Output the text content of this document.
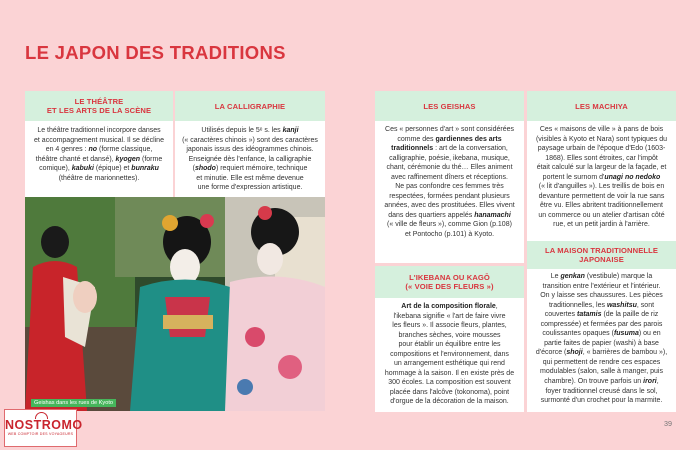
LE JAPON DES TRADITIONS
LE THÉÂTRE
ET LES ARTS DE LA SCÈNE
Le théâtre traditionnel incorpore danses
et accompagnement musical. Il se décline
en 4 genres : no (forme classique,
théâtre chanté et dansé), kyogen (forme
comique), kabuki (épique) et bunraku
(théâtre de marionnettes).
LA CALLIGRAPHIE
Utilisés depuis le 5ᵉ s. les kanji
(« caractères chinois ») sont des caractères
japonais issus des idéogrammes chinois.
Enseignée dès l'enfance, la calligraphie
(shodo) requiert mémoire, technique
et minutie. Elle est même devenue
une forme d'expression artistique.
Geishas dans les rues de Kyoto
LES GEISHAS
Ces « personnes d'art » sont considérées
comme des gardiennes des arts
traditionnels : art de la conversation,
calligraphie, poésie, ikebana, musique,
chant, cérémonie du thé… Elles animent
avec raffinement dîners et réceptions.
Ne pas confondre ces femmes très
respectées, formées pendant plusieurs
années, avec des prostituées. Elles vivent
dans des quartiers appelés hanamachi
(« ville de fleurs »), comme Gion (p.108)
et Pontocho (p.101) à Kyoto.
LES MACHIYA
Ces « maisons de ville » à pans de bois
(visibles à Kyoto et Nara) sont typiques du
paysage urbain de l'époque d'Edo (1603-
1868). Elles sont étroites, car l'impôt
était calculé sur la largeur de la façade, et
portent le surnom d'unagi no nedoko
(« lit d'anguilles »). Les treillis de bois en
devanture permettent de voir la rue sans
être vu. Elles abritent traditionnellement
un commerce ou un atelier d'artisan côté
rue, et un petit jardin à l'arrière.
L'IKEBANA OU KAGŌ
(« VOIE DES FLEURS »)
Art de la composition florale,
l'ikebana signifie « l'art de faire vivre
les fleurs ». Il associe fleurs, plantes,
branches sèches, voire mousses
pour établir un équilibre entre les
compositions et l'environnement, dans
un arrangement esthétique qui rend
hommage à la saison. Il en existe près de
300 écoles. La composition est souvent
placée dans l'alcôve (tokonoma), point
d'orgue de la décoration de la maison.
LA MAISON TRADITIONNELLE
JAPONAISE
Le genkan (vestibule) marque la
transition entre l'extérieur et l'intérieur.
On y laisse ses chaussures. Les pièces
traditionnelles, les washitsu, sont
couvertes tatamis (de la paille de riz
compressée) et fermées par des parois
coulissantes opaques (fusuma) ou en
partie faites de papier (washi) à base
d'écorce (shoji, « barrières de bambou »),
qui permettent de rendre ces espaces
modulables (salon, salle à manger, puis
chambre). On trouve parfois un irori,
foyer traditionnel creusé dans le sol,
surmonté d'un crochet pour la marmite.
NOSTROMO
WEB COMPTOIR DES VOYAGEURS
39
